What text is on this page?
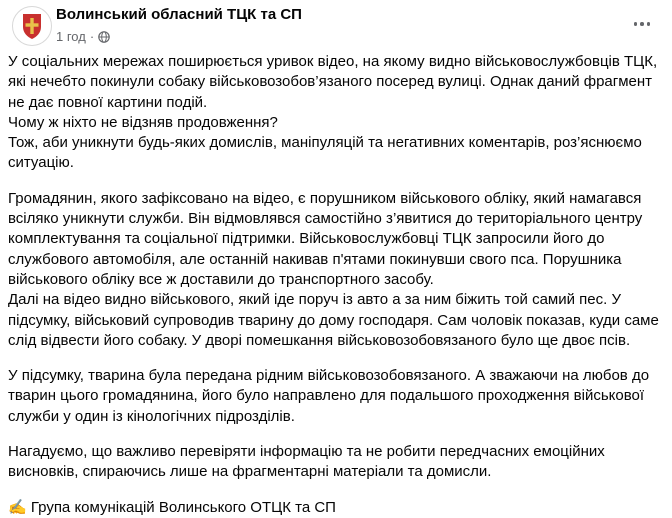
Волинський обласний ТЦК та СП
1 год ·

У соціальних мережах поширюється уривок відео, на якому видно військовослужбовців ТЦК,
які нечебто покинули собаку військовозобов’язаного посеред вулиці. Однак даний фрагмент
не дає повної картини подій.
Чому ж ніхто не відзняв продовження?
Тож, аби уникнути будь-яких домислів, маніпуляцій та негативних коментарів, роз’яснюємо
ситуацію.

Громадянин, якого зафіксовано на відео, є порушником військового обліку, який намагався
всіляко уникнути служби. Він відмовлявся самостійно з’явитися до територіального центру
комплектування та соціальної підтримки. Військовослужбовці ТЦК запросили його до
службового автомобіля, але останній накивав п'ятами покинувши свого пса. Порушника
військового обліку все ж доставили до транспортного засобу.
Далі на відео видно військового, який іде поруч із авто а за ним біжить той самий пес. У
підсумку, військовий супроводив тварину до дому господаря. Сам чоловік показав, куди саме
слід відвести його собаку. У дворі помешкання військовозобовязаного було ще двоє псів.

У підсумку, тварина була передана рідним військовозобовязаного. А зважаючи на любов до
тварин цього громадянина, його було направлено для подальшого проходження військової
служби у один із кінологічних підрозділів.

Нагадуємо, що важливо перевіряти інформацію та не робити передчасних емоційних
висновків, спираючись лише на фрагментарні матеріали та домисли.

✍️ Група комунікацій Волинського ОТЦК та СП
